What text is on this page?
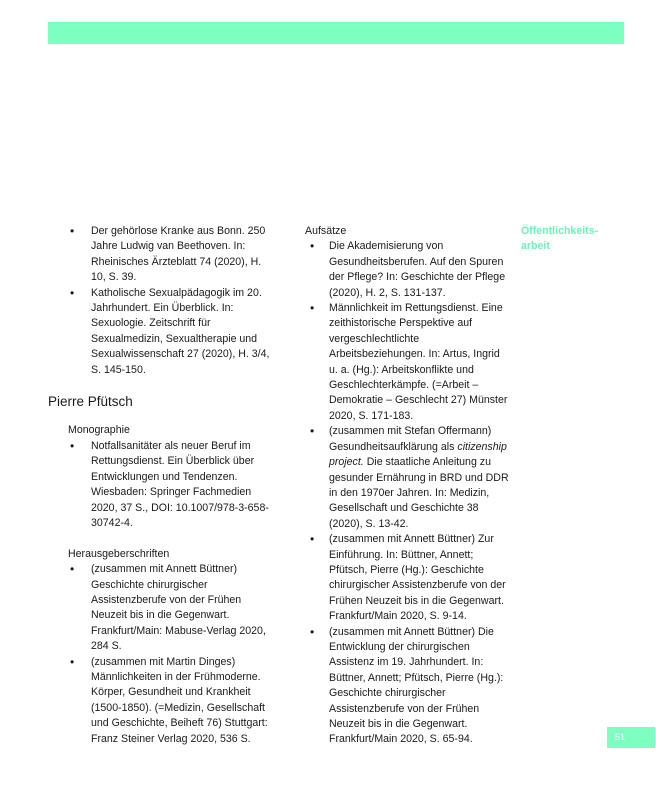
• Der gehörlose Kranke aus Bonn. 250 Jahre Ludwig van Beethoven. In: Rheinisches Ärzteblatt 74 (2020), H. 10, S. 39.
• Katholische Sexualpädagogik im 20. Jahrhundert. Ein Überblick. In: Sexuologie. Zeitschrift für Sexualmedizin, Sexualtherapie und Sexualwissenschaft 27 (2020), H. 3/4, S. 145-150.
Pierre Pfütsch
Monographie
• Notfallsanitäter als neuer Beruf im Rettungsdienst. Ein Überblick über Entwicklungen und Tendenzen. Wiesbaden: Springer Fachmedien 2020, 37 S., DOI: 10.1007/978-3-658-30742-4.
Herausgeberschriften
• (zusammen mit Annett Büttner) Geschichte chirurgischer Assistenzberufe von der Frühen Neuzeit bis in die Gegenwart. Frankfurt/Main: Mabuse-Verlag 2020, 284 S.
• (zusammen mit Martin Dinges) Männlichkeiten in der Frühmoderne. Körper, Gesundheit und Krankheit (1500-1850). (=Medizin, Gesellschaft und Geschichte, Beiheft 76) Stuttgart: Franz Steiner Verlag 2020, 536 S.
Aufsätze
• Die Akademisierung von Gesundheitsberufen. Auf den Spuren der Pflege? In: Geschichte der Pflege (2020), H. 2, S. 131-137.
• Männlichkeit im Rettungsdienst. Eine zeithistorische Perspektive auf vergeschlechtlichte Arbeitsbeziehungen. In: Artus, Ingrid u. a. (Hg.): Arbeitskonflikte und Geschlechterkämpfe. (=Arbeit – Demokratie – Geschlecht 27) Münster 2020, S. 171-183.
• (zusammen mit Stefan Offermann) Gesundheitsaufklärung als citizenship project. Die staatliche Anleitung zu gesunder Ernährung in BRD und DDR in den 1970er Jahren. In: Medizin, Gesellschaft und Geschichte 38 (2020), S. 13-42.
• (zusammen mit Annett Büttner) Zur Einführung. In: Büttner, Annett; Pfütsch, Pierre (Hg.): Geschichte chirurgischer Assistenzberufe von der Frühen Neuzeit bis in die Gegenwart. Frankfurt/Main 2020, S. 9-14.
• (zusammen mit Annett Büttner) Die Entwicklung der chirurgischen Assistenz im 19. Jahrhundert. In: Büttner, Annett; Pfütsch, Pierre (Hg.): Geschichte chirurgischer Assistenzberufe von der Frühen Neuzeit bis in die Gegenwart. Frankfurt/Main 2020, S. 65-94.
Öffentlichkeits-
arbeit
51
